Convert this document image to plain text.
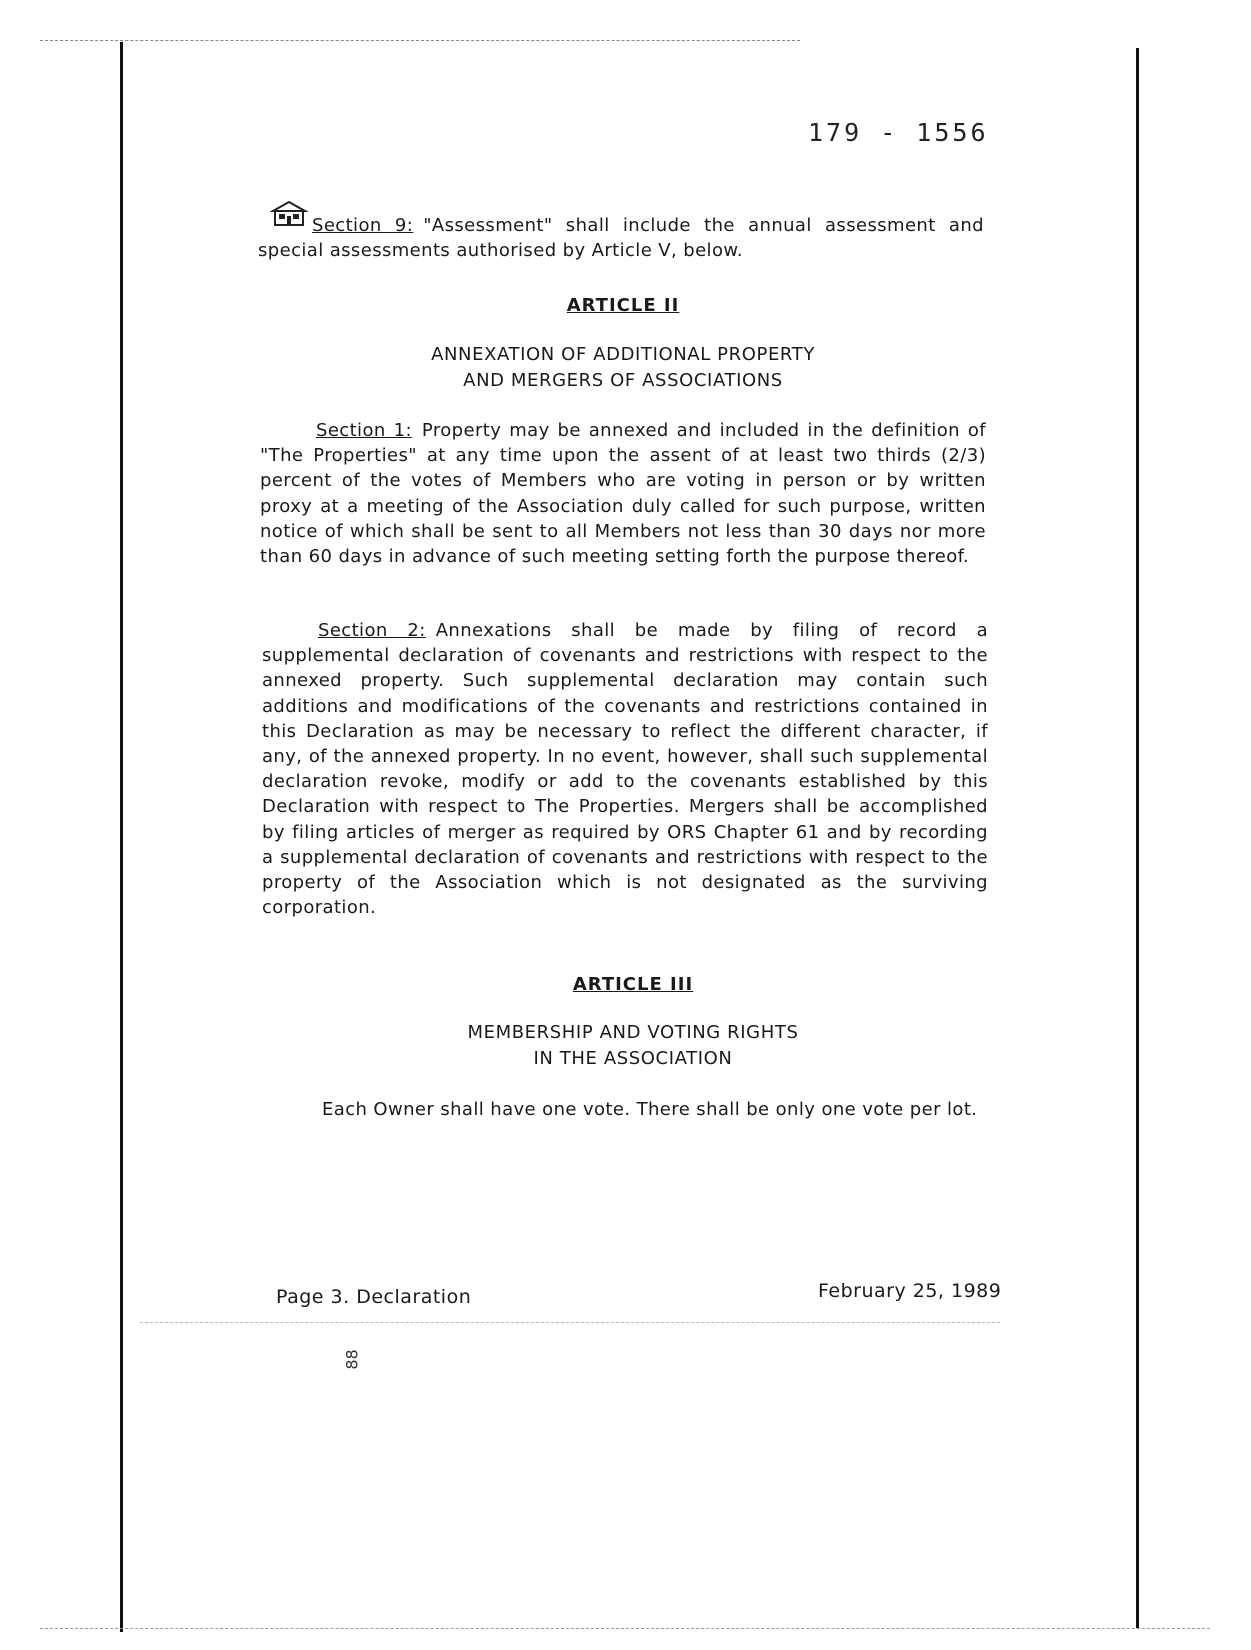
179 - 1556
Section 9: "Assessment" shall include the annual assessment and special assessments authorised by Article V, below.
ARTICLE II
ANNEXATION OF ADDITIONAL PROPERTY
AND MERGERS OF ASSOCIATIONS
Section 1: Property may be annexed and included in the definition of "The Properties" at any time upon the assent of at least two thirds (2/3) percent of the votes of Members who are voting in person or by written proxy at a meeting of the Association duly called for such purpose, written notice of which shall be sent to all Members not less than 30 days nor more than 60 days in advance of such meeting setting forth the purpose thereof.
Section 2: Annexations shall be made by filing of record a supplemental declaration of covenants and restrictions with respect to the annexed property. Such supplemental declaration may contain such additions and modifications of the covenants and restrictions contained in this Declaration as may be necessary to reflect the different character, if any, of the annexed property. In no event, however, shall such supplemental declaration revoke, modify or add to the covenants established by this Declaration with respect to The Properties. Mergers shall be accomplished by filing articles of merger as required by ORS Chapter 61 and by recording a supplemental declaration of covenants and restrictions with respect to the property of the Association which is not designated as the surviving corporation.
ARTICLE III
MEMBERSHIP AND VOTING RIGHTS
IN THE ASSOCIATION
Each Owner shall have one vote. There shall be only one vote per lot.
Page 3. Declaration	February 25, 1989
88
